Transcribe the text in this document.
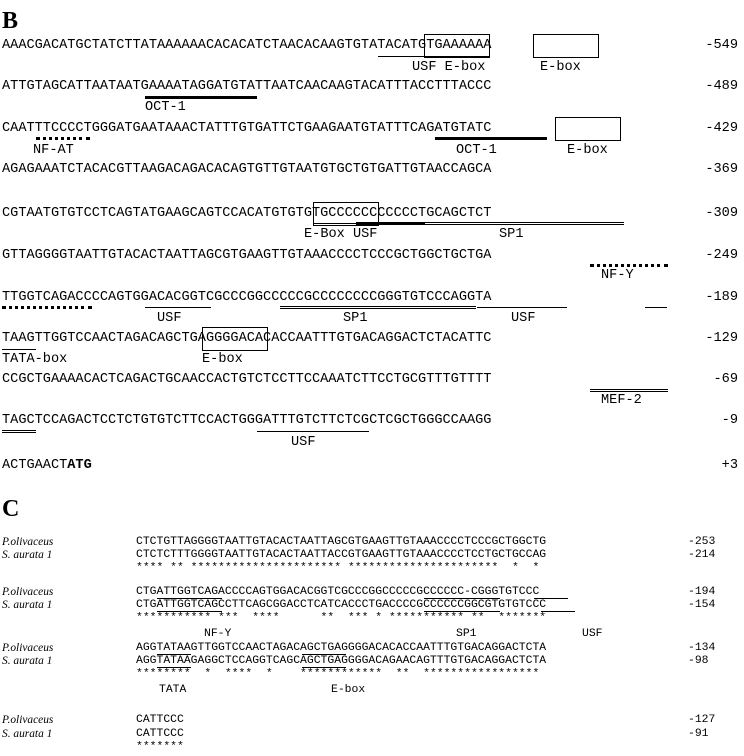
B
AAACGACATGCTATCTTATAAAAAACACACATCTAACACAAGTGTATACATGTGAAAAAA	-549
ATTGTAGCATTAATAATGAAAATAGGATGTATTAATCAACAAGTACATTTACCTTTACCC	-489
CAATTTCCCCTGGGATGAATAAACTATTTGTGATTCTGAAGAATGTATTTCAGATGTATC	-429
AGAGAAATCTACACGTTAAGACAGACACAGTGTTGTAATGTGCTGTGATTGTAACCAGCA	-369
CGTAATGTGTCCTCAGTATGAAGCAGTCCACATGTGTGTGCCCCCCCCCCCTGCAGCTCT	-309
GTTAGGGGTAATTGTACACTAATTAGCGTGAAGTTGTAAACCCCTCCCGCTGGCTGCTGA	-249
TTGGTCAGACCCCAGTGGACACGGTCGCCCGGCCCCCGCCCCCCCCGGGTGTCCCAGGTA	-189
TAAGTTGGTCCAACTAGACAGCTGAGGGGACACACCAATTTGTGACAGGACTCTACATTC	-129
CCGCTGAAAACACTCAGACTGCAACCACTGTCTCCTTCCAAATCTTCCTGCGTTTGTTTT	-69
TAGCTCCAGACTCCTCTGTGTCTTCCACTGGGATTTGTCTTCTCGCTCGCTGGGCCAAGG	-9
ACTGAACTATG	+3
USF E-box	E-box
OCT-1
NF-AT	OCT-1	E-box
E-Box USF	SP1
NF-Y
USF	SP1	USF
TATA-box	E-box
MEF-2
USF
C
P.olivaceus	CTCTGTTAGGGGTAATTGTACACTAATTAGCGTGAAGTTGTAAACCCCTCCCGCTGGCTG	-253
S. aurata 1	CTCTCTTTGGGGTAATTGTACACTAATTACCGTGAAGTTGTAAACCCCTCCTGCTGCCAG	-214
**** ** ********************** **********************  *  *
P.olivaceus	CTGATTGGTCAGACCCCAGTGGACACGGTCGCCCGGCCCCCGCCCCCC-CGGGTGTCCC	-194
S. aurata 1	CTGATTGGTCAGCCTTCAGCGGACCTCATCACCCTGACCCCGCCCCCCGGCGTGTGTCCC	-154
*********** ***  ****      **  *** * *********** **  *******
NF-Y	SP1	USF
P.olivaceus	AGGTATAAGTTGGTCCAACTAGACAGCTGAGGGGACACACCAATTTGTGACAGGACTCTA	-134
S. aurata 1	AGGTATAAGAGGCTCCAGGTCAGCAGCTGAGGGGACAGAACAGTTTGTGACAGGACTCTA	-98
********  *  ****  *    ************  **  *****************
TATA	E-box
P.olivaceus	CATTCCC	-127
S. aurata 1	CATTCCC	-91
*******
